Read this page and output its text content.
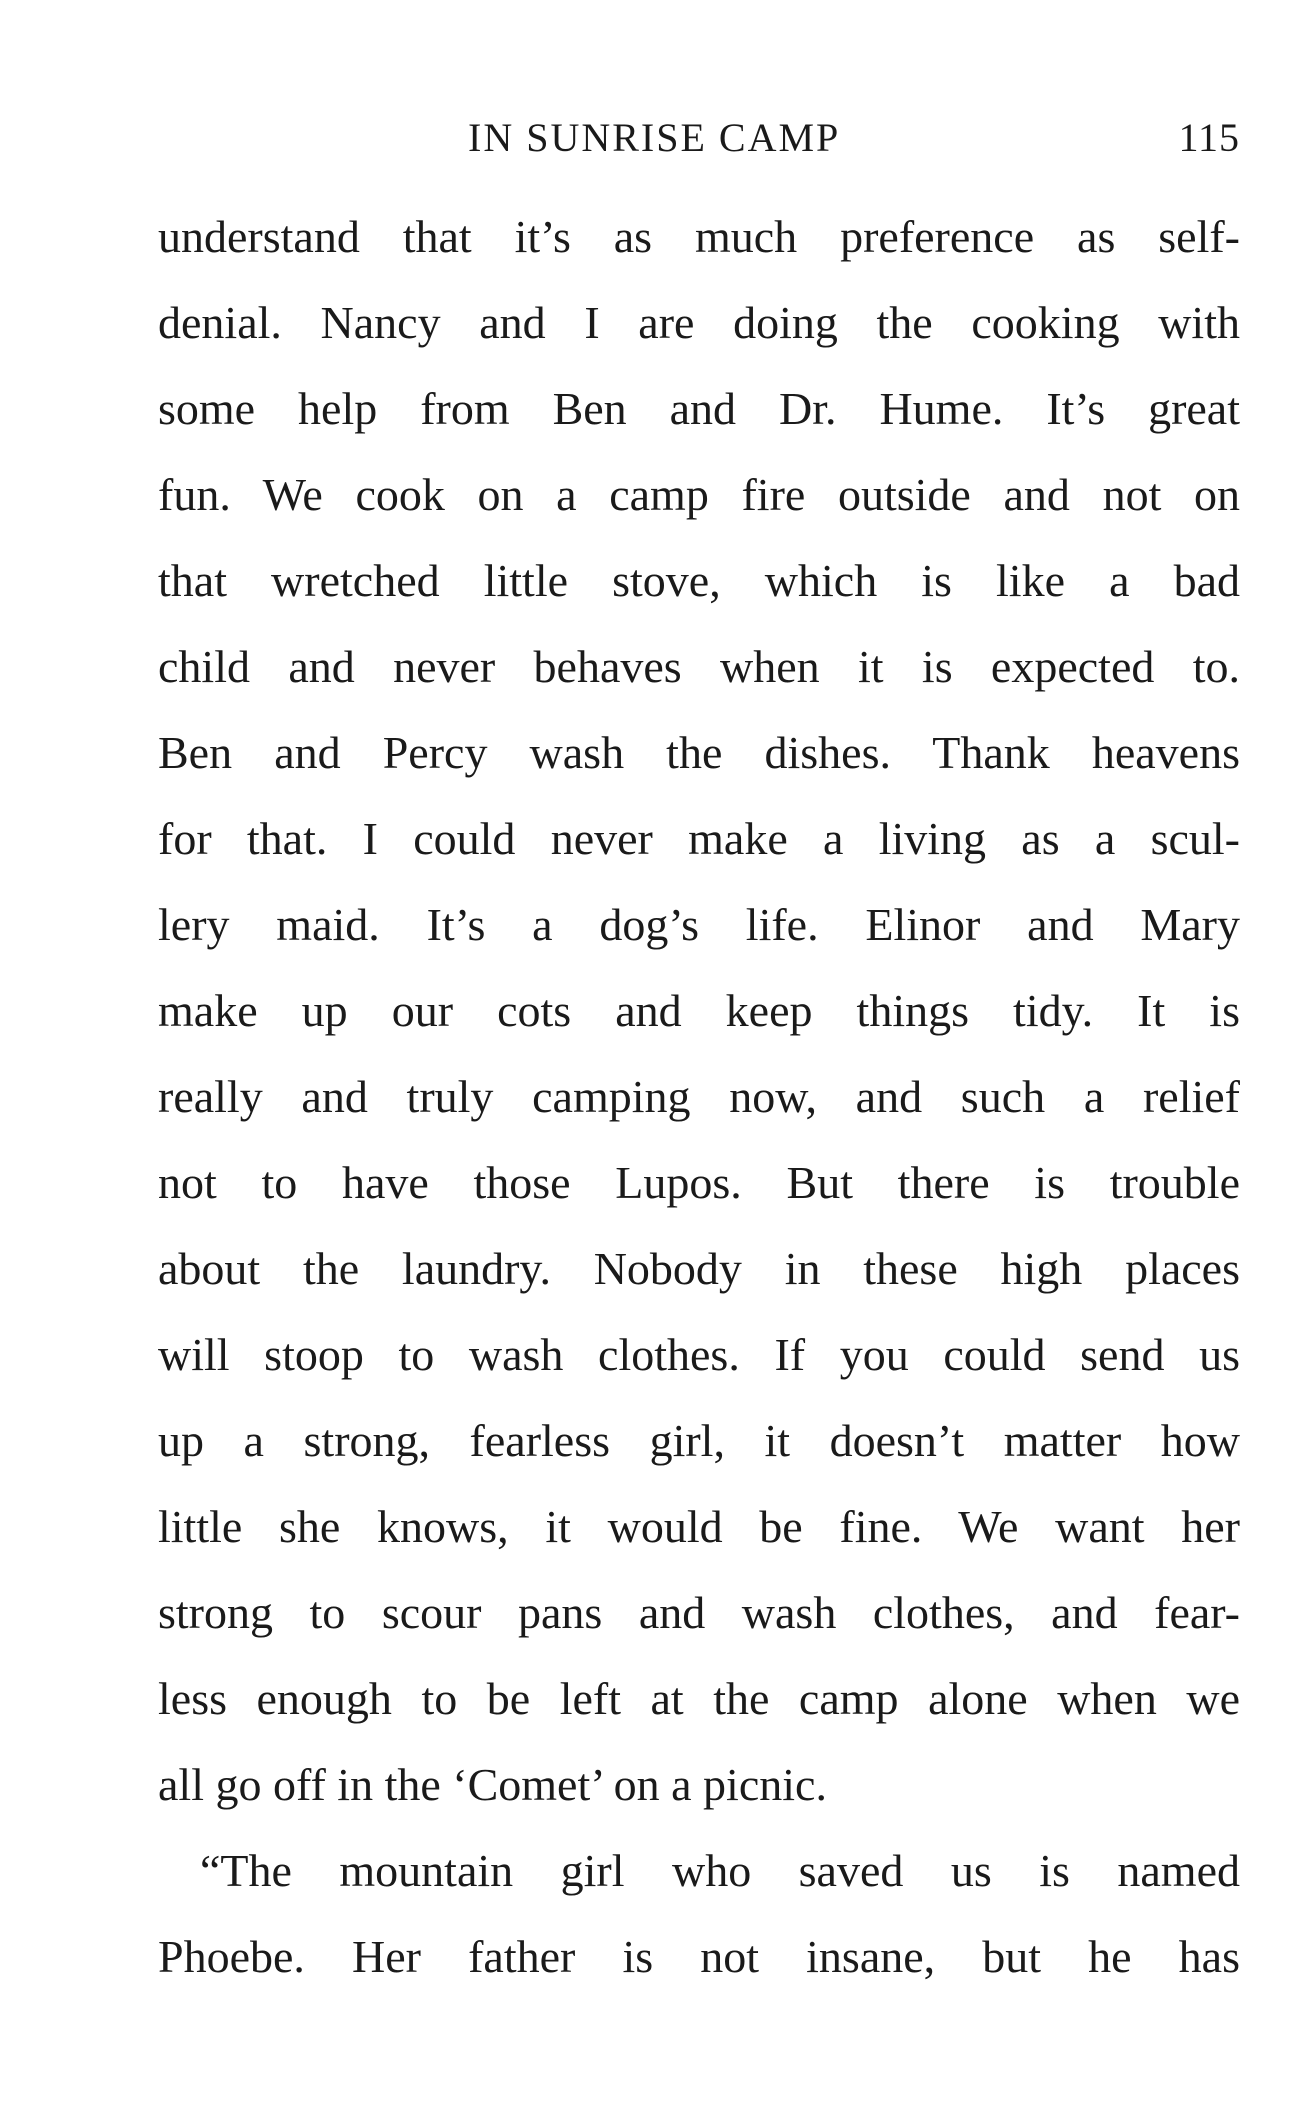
IN SUNRISE CAMP	115
understand that it’s as much preference as self-
denial. Nancy and I are doing the cooking with
some help from Ben and Dr. Hume. It’s great
fun. We cook on a camp fire outside and not on
that wretched little stove, which is like a bad
child and never behaves when it is expected to.
Ben and Percy wash the dishes. Thank heavens
for that. I could never make a living as a scul-
lery maid. It’s a dog’s life. Elinor and Mary
make up our cots and keep things tidy. It is
really and truly camping now, and such a relief
not to have those Lupos. But there is trouble
about the laundry. Nobody in these high places
will stoop to wash clothes. If you could send us
up a strong, fearless girl, it doesn’t matter how
little she knows, it would be fine. We want her
strong to scour pans and wash clothes, and fear-
less enough to be left at the camp alone when we
all go off in the ‘Comet’ on a picnic.
“The mountain girl who saved us is named
Phoebe. Her father is not insane, but he has
